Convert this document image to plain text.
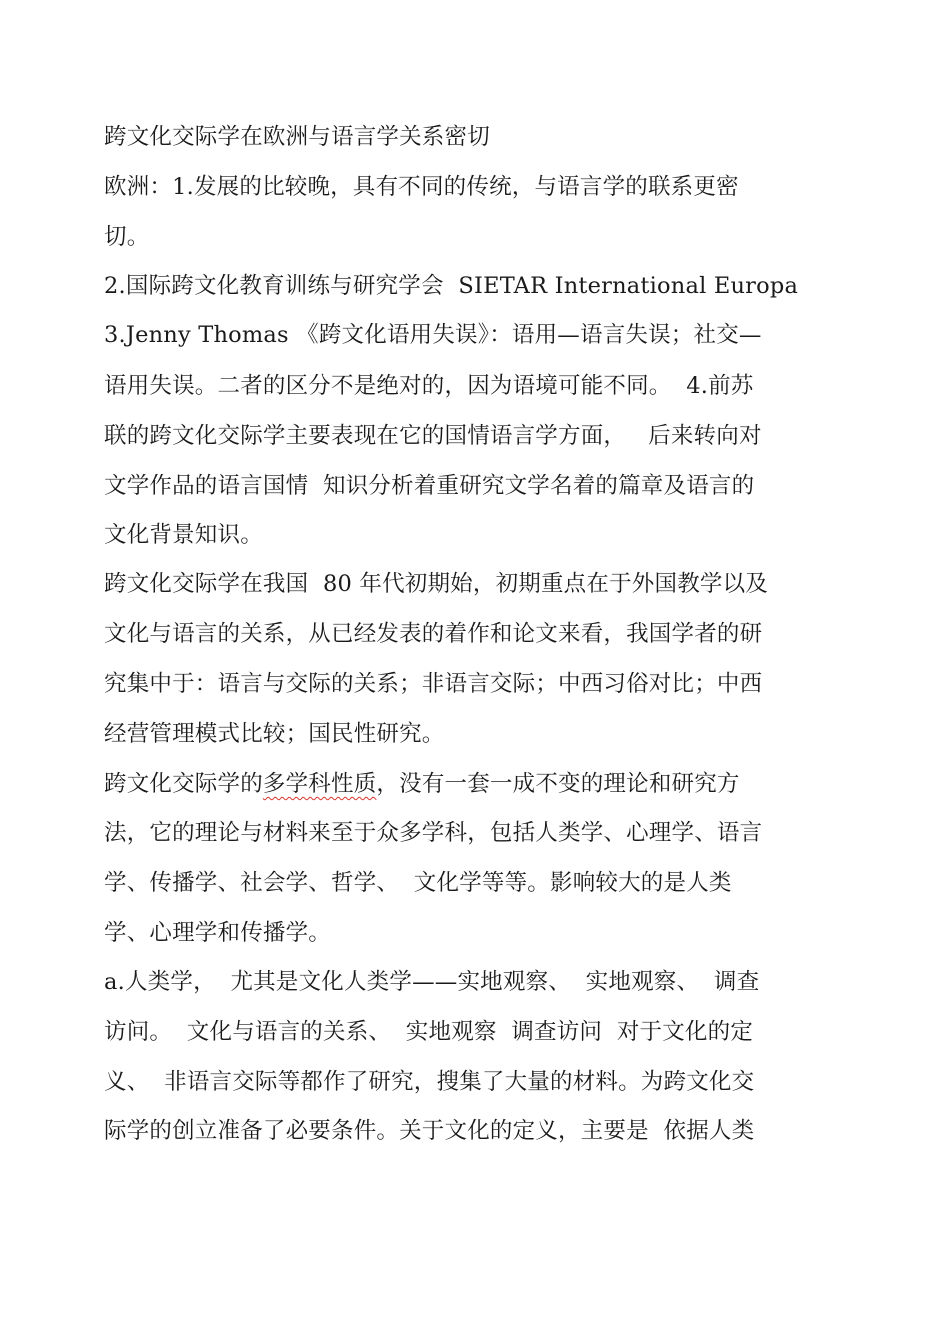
跨文化交际学在欧洲与语言学关系密切
欧洲：1.发展的比较晚，具有不同的传统，与语言学的联系更密
切。
2.国际跨文化教育训练与研究学会  SIETAR International Europa
3.Jenny Thomas 《跨文化语用失误》：语用—语言失误；社交—
语用失误。二者的区分不是绝对的，因为语境可能不同。  4.前苏
联的跨文化交际学主要表现在它的国情语言学方面，   后来转向对
文学作品的语言国情  知识分析着重研究文学名着的篇章及语言的
文化背景知识。
跨文化交际学在我国  80 年代初期始，初期重点在于外国教学以及
文化与语言的关系，从已经发表的着作和论文来看，我国学者的研
究集中于：语言与交际的关系；非语言交际；中西习俗对比；中西
经营管理模式比较；国民性研究。
跨文化交际学的多学科性质，没有一套一成不变的理论和研究方
法，它的理论与材料来至于众多学科，包括人类学、心理学、语言
学、传播学、社会学、哲学、  文化学等等。影响较大的是人类
学、心理学和传播学。
a.人类学，  尤其是文化人类学——实地观察、  实地观察、  调查
访问。  文化与语言的关系、  实地观察  调查访问  对于文化的定
义、  非语言交际等都作了研究，搜集了大量的材料。为跨文化交
际学的创立准备了必要条件。关于文化的定义，主要是  依据人类
